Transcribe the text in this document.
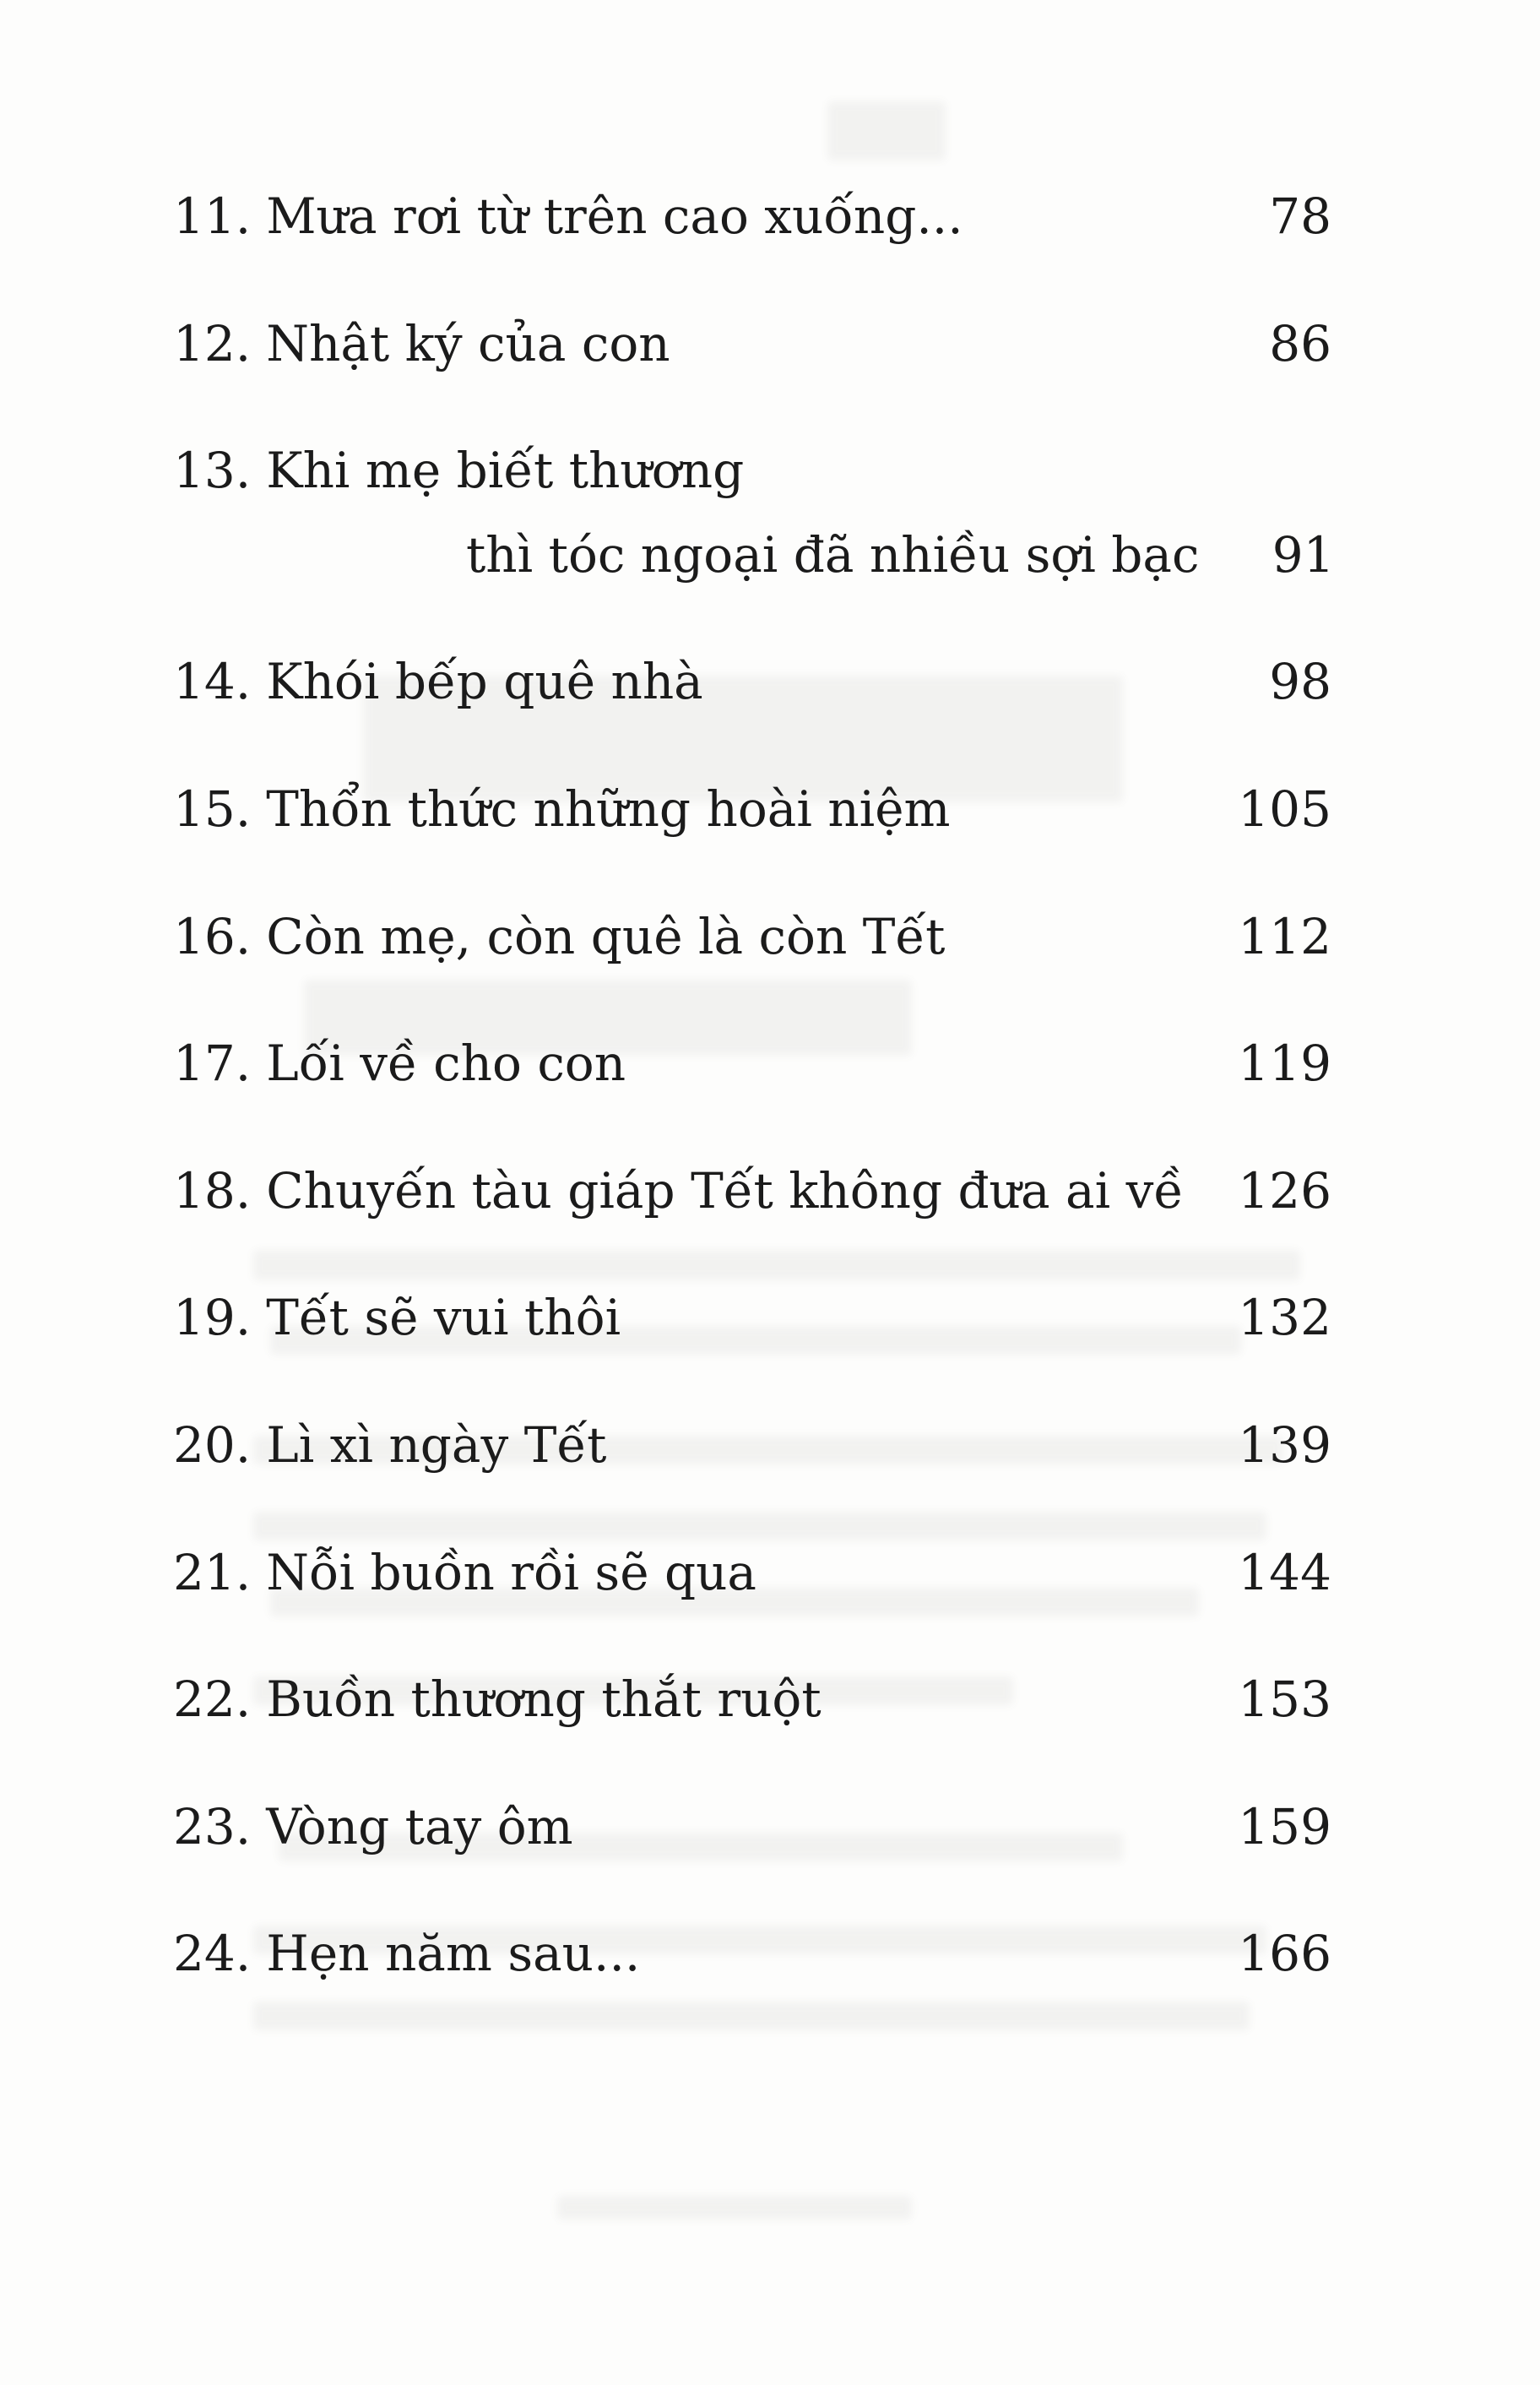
11. Mưa rơi từ trên cao xuống...	78
12. Nhật ký của con	86
13. Khi mẹ biết thương
thì tóc ngoại đã nhiều sợi bạc	91
14. Khói bếp quê nhà	98
15. Thổn thức những hoài niệm	105
16. Còn mẹ, còn quê là còn Tết	112
17. Lối về cho con	119
18. Chuyến tàu giáp Tết không đưa ai về	126
19. Tết sẽ vui thôi	132
20. Lì xì ngày Tết	139
21. Nỗi buồn rồi sẽ qua	144
22. Buồn thương thắt ruột	153
23. Vòng tay ôm	159
24. Hẹn năm sau...	166
